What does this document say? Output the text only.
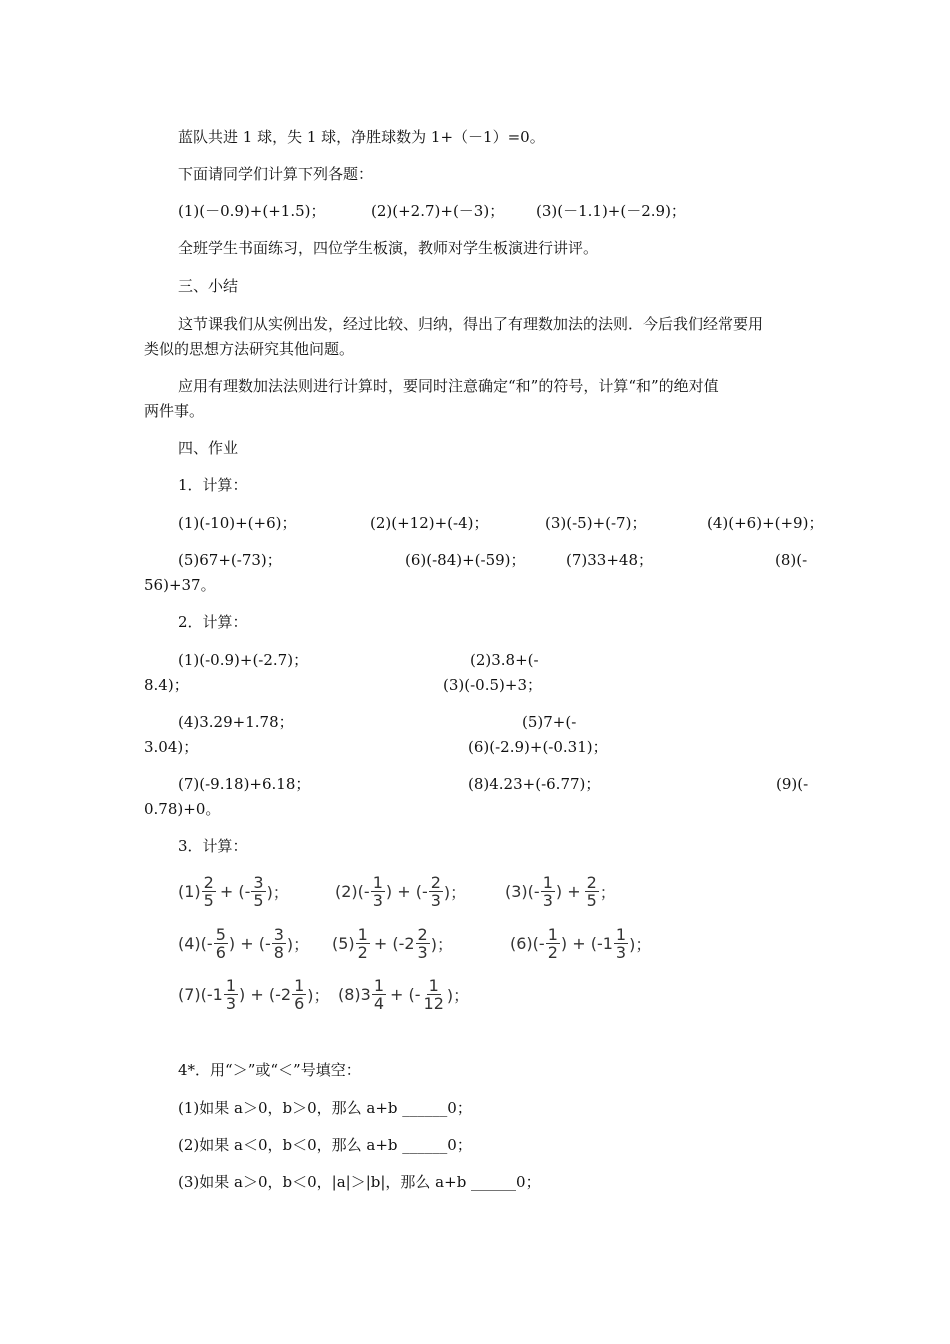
蓝队共进 1 球，失 1 球，净胜球数为 1+（－1）=0。
下面请同学们计算下列各题：
(1)(－0.9)+(+1.5)；	(2)(+2.7)+(－3)； (3)(－1.1)+(－2.9)；
全班学生书面练习，四位学生板演，教师对学生板演进行讲评。
三、小结
这节课我们从实例出发，经过比较、归纳，得出了有理数加法的法则．今后我们经常要用
类似的思想方法研究其他问题。
应用有理数加法法则进行计算时，要同时注意确定“和”的符号，计算“和”的绝对值
两件事。
四、作业
1．计算：
(1)(-10)+(+6)；	(2)(+12)+(-4)；	(3)(-5)+(-7)；	(4)(+6)+(+9)；
(5)67+(-73)；	(6)(-84)+(-59)；	(7)33+48；	(8)(-
56)+37。
2．计算：
(1)(-0.9)+(-2.7)；	(2)3.8+(-
8.4)；	(3)(-0.5)+3；
(4)3.29+1.78；	(5)7+(-
3.04)；	(6)(-2.9)+(-0.31)；
(7)(-9.18)+6.18；	(8)4.23+(-6.77)；	(9)(-
0.78)+0。
3．计算：
$(1) \frac{2}{5}$ + (- $\frac{3}{5}$ )；	$(2)(- \frac{1}{3}$ ) + (- $\frac{2}{3}$ )； $(3)(- \frac{1}{3}$ ) + $\frac{2}{5}$ ；
$(4)(- \frac{5}{6}$ ) + (- $\frac{3}{8}$ )； $(5) \frac{1}{2} + (-2 \frac{2}{3}$ )；	$(6)(- \frac{1}{2}$ ) + ($-1 \frac{1}{3}$ )；
$(7)(-1 \frac{1}{3}$ ) + ($-2 \frac{1}{6}$ )； $(8)3 \frac{1}{4}$ + (- $\frac{1}{12}$ )；
4*．用“＞”或“＜”号填空：
(1)如果 a＞0，b＞0，那么 a+b ______0；
(2)如果 a＜0，b＜0，那么 a+b ______0；
(3)如果 a＞0，b＜0，|a|＞|b|，那么 a+b ______0；
